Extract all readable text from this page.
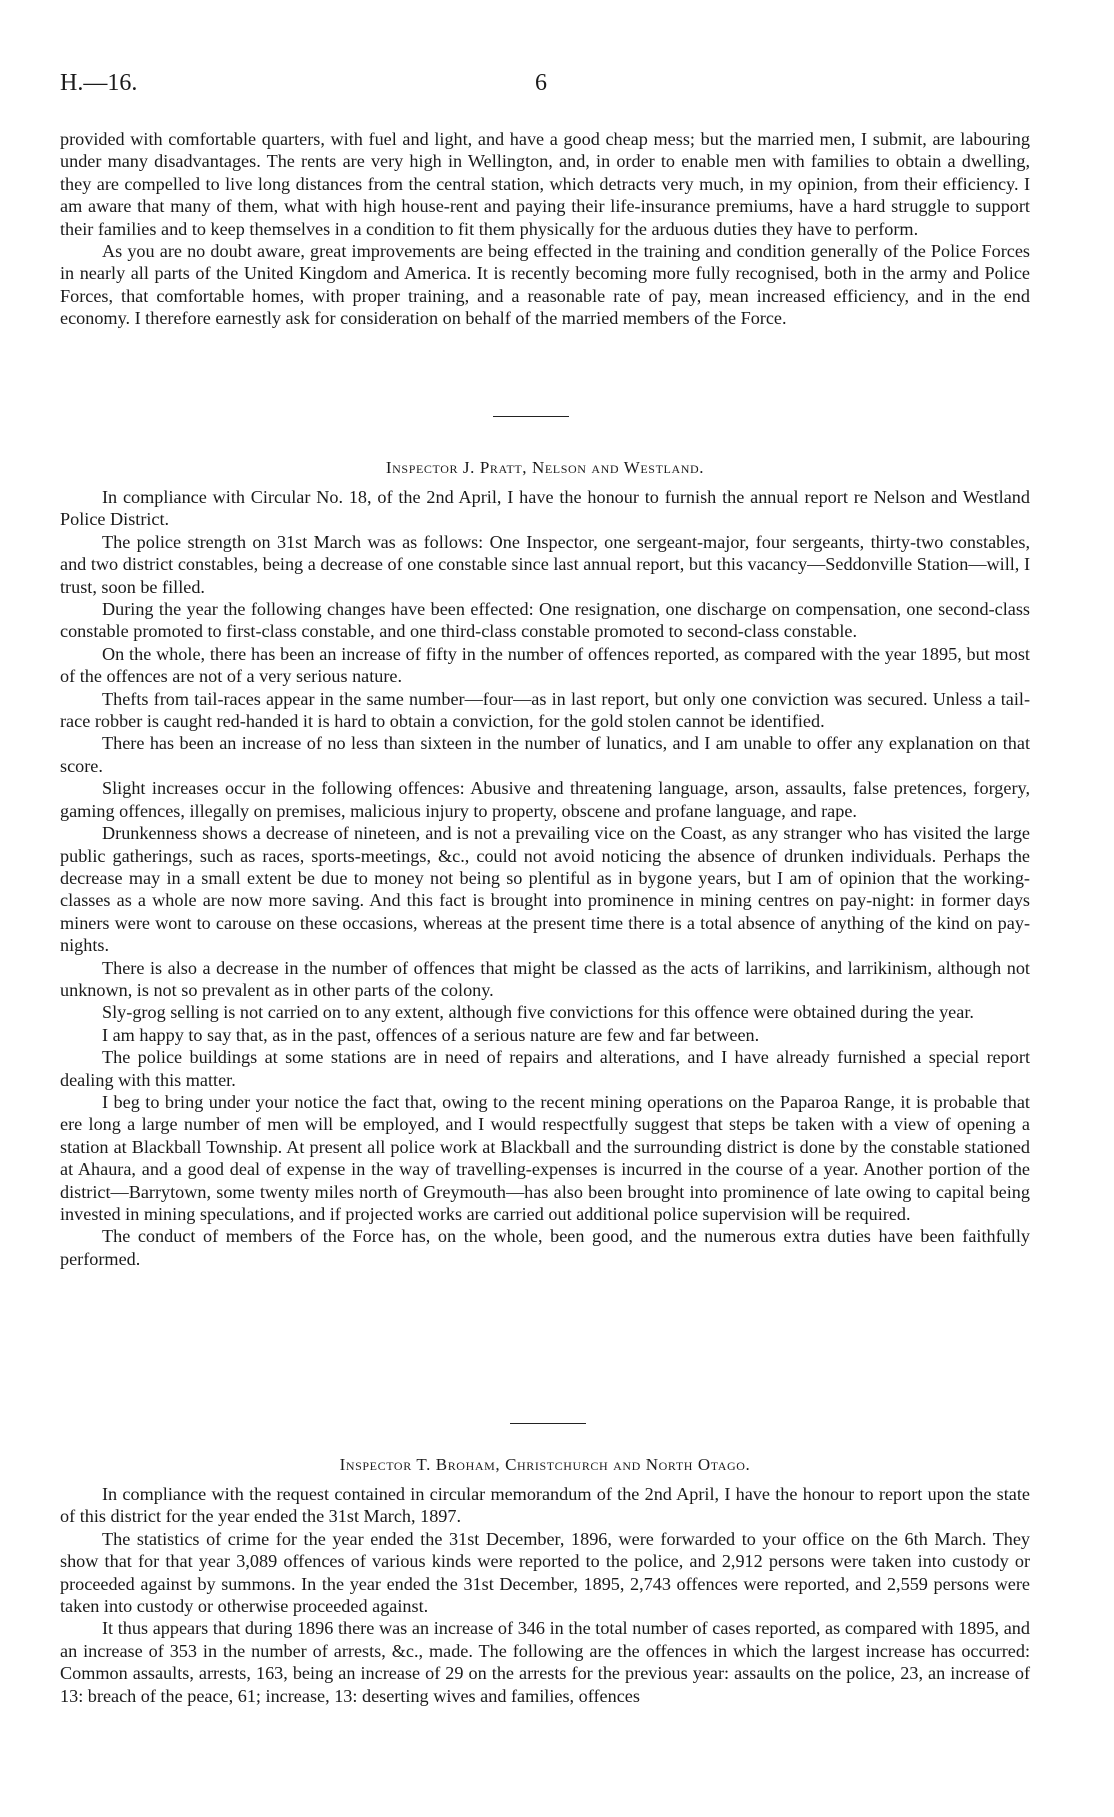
H.—16.	6

provided with comfortable quarters, with fuel and light, and have a good cheap mess; but the married men, I submit, are labouring under many disadvantages. The rents are very high in Wellington, and, in order to enable men with families to obtain a dwelling, they are compelled to live long distances from the central station, which detracts very much, in my opinion, from their efficiency. I am aware that many of them, what with high house-rent and paying their life-insurance premiums, have a hard struggle to support their families and to keep themselves in a condition to fit them physically for the arduous duties they have to perform.

As you are no doubt aware, great improvements are being effected in the training and condition generally of the Police Forces in nearly all parts of the United Kingdom and America. It is recently becoming more fully recognised, both in the army and Police Forces, that comfortable homes, with proper training, and a reasonable rate of pay, mean increased efficiency, and in the end economy. I therefore earnestly ask for consideration on behalf of the married members of the Force.

Inspector J. Pratt, Nelson and Westland.

In compliance with Circular No. 18, of the 2nd April, I have the honour to furnish the annual report re Nelson and Westland Police District.

The police strength on 31st March was as follows: One Inspector, one sergeant-major, four sergeants, thirty-two constables, and two district constables, being a decrease of one constable since last annual report, but this vacancy—Seddonville Station—will, I trust, soon be filled.

During the year the following changes have been effected: One resignation, one discharge on compensation, one second-class constable promoted to first-class constable, and one third-class constable promoted to second-class constable.

On the whole, there has been an increase of fifty in the number of offences reported, as compared with the year 1895, but most of the offences are not of a very serious nature.

Thefts from tail-races appear in the same number—four—as in last report, but only one conviction was secured. Unless a tail-race robber is caught red-handed it is hard to obtain a conviction, for the gold stolen cannot be identified.

There has been an increase of no less than sixteen in the number of lunatics, and I am unable to offer any explanation on that score.

Slight increases occur in the following offences: Abusive and threatening language, arson, assaults, false pretences, forgery, gaming offences, illegally on premises, malicious injury to property, obscene and profane language, and rape.

Drunkenness shows a decrease of nineteen, and is not a prevailing vice on the Coast, as any stranger who has visited the large public gatherings, such as races, sports-meetings, &c., could not avoid noticing the absence of drunken individuals. Perhaps the decrease may in a small extent be due to money not being so plentiful as in bygone years, but I am of opinion that the working-classes as a whole are now more saving. And this fact is brought into prominence in mining centres on pay-night: in former days miners were wont to carouse on these occasions, whereas at the present time there is a total absence of anything of the kind on pay-nights.

There is also a decrease in the number of offences that might be classed as the acts of larrikins, and larrikinism, although not unknown, is not so prevalent as in other parts of the colony.

Sly-grog selling is not carried on to any extent, although five convictions for this offence were obtained during the year.

I am happy to say that, as in the past, offences of a serious nature are few and far between.

The police buildings at some stations are in need of repairs and alterations, and I have already furnished a special report dealing with this matter.

I beg to bring under your notice the fact that, owing to the recent mining operations on the Paparoa Range, it is probable that ere long a large number of men will be employed, and I would respectfully suggest that steps be taken with a view of opening a station at Blackball Township. At present all police work at Blackball and the surrounding district is done by the constable stationed at Ahaura, and a good deal of expense in the way of travelling-expenses is incurred in the course of a year. Another portion of the district—Barrytown, some twenty miles north of Greymouth—has also been brought into prominence of late owing to capital being invested in mining speculations, and if projected works are carried out additional police supervision will be required.

The conduct of members of the Force has, on the whole, been good, and the numerous extra duties have been faithfully performed.

Inspector T. Broham, Christchurch and North Otago.

In compliance with the request contained in circular memorandum of the 2nd April, I have the honour to report upon the state of this district for the year ended the 31st March, 1897.

The statistics of crime for the year ended the 31st December, 1896, were forwarded to your office on the 6th March. They show that for that year 3,089 offences of various kinds were reported to the police, and 2,912 persons were taken into custody or proceeded against by summons. In the year ended the 31st December, 1895, 2,743 offences were reported, and 2,559 persons were taken into custody or otherwise proceeded against.

It thus appears that during 1896 there was an increase of 346 in the total number of cases reported, as compared with 1895, and an increase of 353 in the number of arrests, &c., made. The following are the offences in which the largest increase has occurred: Common assaults, arrests, 163, being an increase of 29 on the arrests for the previous year: assaults on the police, 23, an increase of 13: breach of the peace, 61; increase, 13: deserting wives and families, offences
